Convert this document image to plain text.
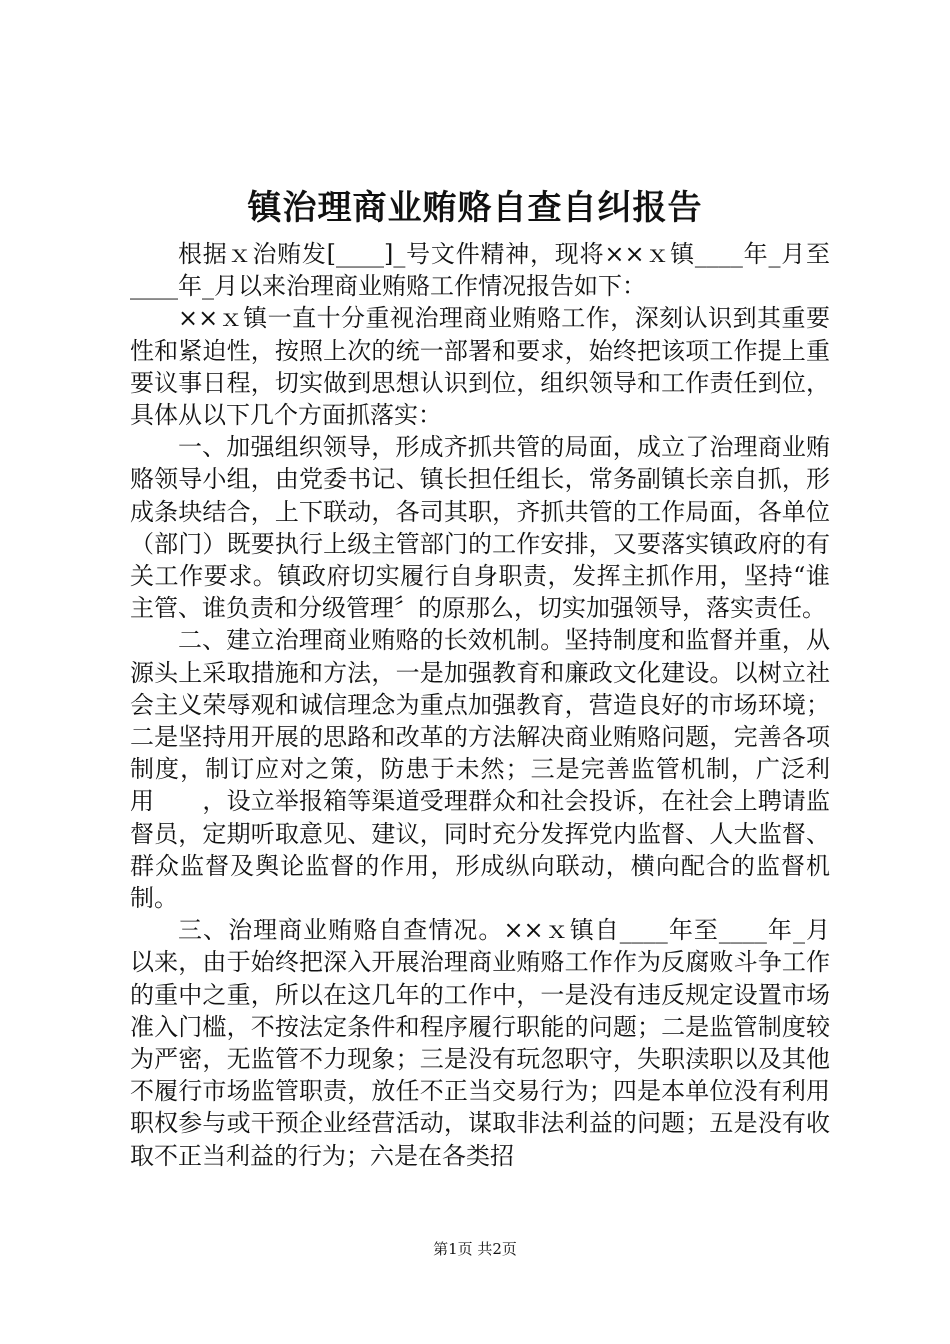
镇治理商业贿赂自查自纠报告

根据ｘ治贿发[____]_号文件精神，现将××ｘ镇____年_月至____年_月以来治理商业贿赂工作情况报告如下：

××ｘ镇一直十分重视治理商业贿赂工作，深刻认识到其重要性和紧迫性，按照上次的统一部署和要求，始终把该项工作提上重要议事日程，切实做到思想认识到位，组织领导和工作责任到位，具体从以下几个方面抓落实：

一、加强组织领导，形成齐抓共管的局面，成立了治理商业贿赂领导小组，由党委书记、镇长担任组长，常务副镇长亲自抓，形成条块结合，上下联动，各司其职，齐抓共管的工作局面，各单位（部门）既要执行上级主管部门的工作安排，又要落实镇政府的有关工作要求。镇政府切实履行自身职责，发挥主抓作用，坚持“谁主管、谁负责和分级管理〞的原那么，切实加强领导，落实责任。

二、建立治理商业贿赂的长效机制。坚持制度和监督并重，从源头上采取措施和方法，一是加强教育和廉政文化建设。以树立社会主义荣辱观和诚信理念为重点加强教育，营造良好的市场环境；二是坚持用开展的思路和改革的方法解决商业贿赂问题，完善各项制度，制订应对之策，防患于未然；三是完善监管机制，广泛利用　　，设立举报箱等渠道受理群众和社会投诉，在社会上聘请监督员，定期听取意见、建议，同时充分发挥党内监督、人大监督、群众监督及舆论监督的作用，形成纵向联动，横向配合的监督机制。

三、治理商业贿赂自查情况。××ｘ镇自____年至____年_月以来，由于始终把深入开展治理商业贿赂工作作为反腐败斗争工作的重中之重，所以在这几年的工作中，一是没有违反规定设置市场准入门槛，不按法定条件和程序履行职能的问题；二是监管制度较为严密，无监管不力现象；三是没有玩忽职守，失职渎职以及其他不履行市场监管职责，放任不正当交易行为；四是本单位没有利用职权参与或干预企业经营活动，谋取非法利益的问题；五是没有收取不正当利益的行为；六是在各类招

第1页 共2页
